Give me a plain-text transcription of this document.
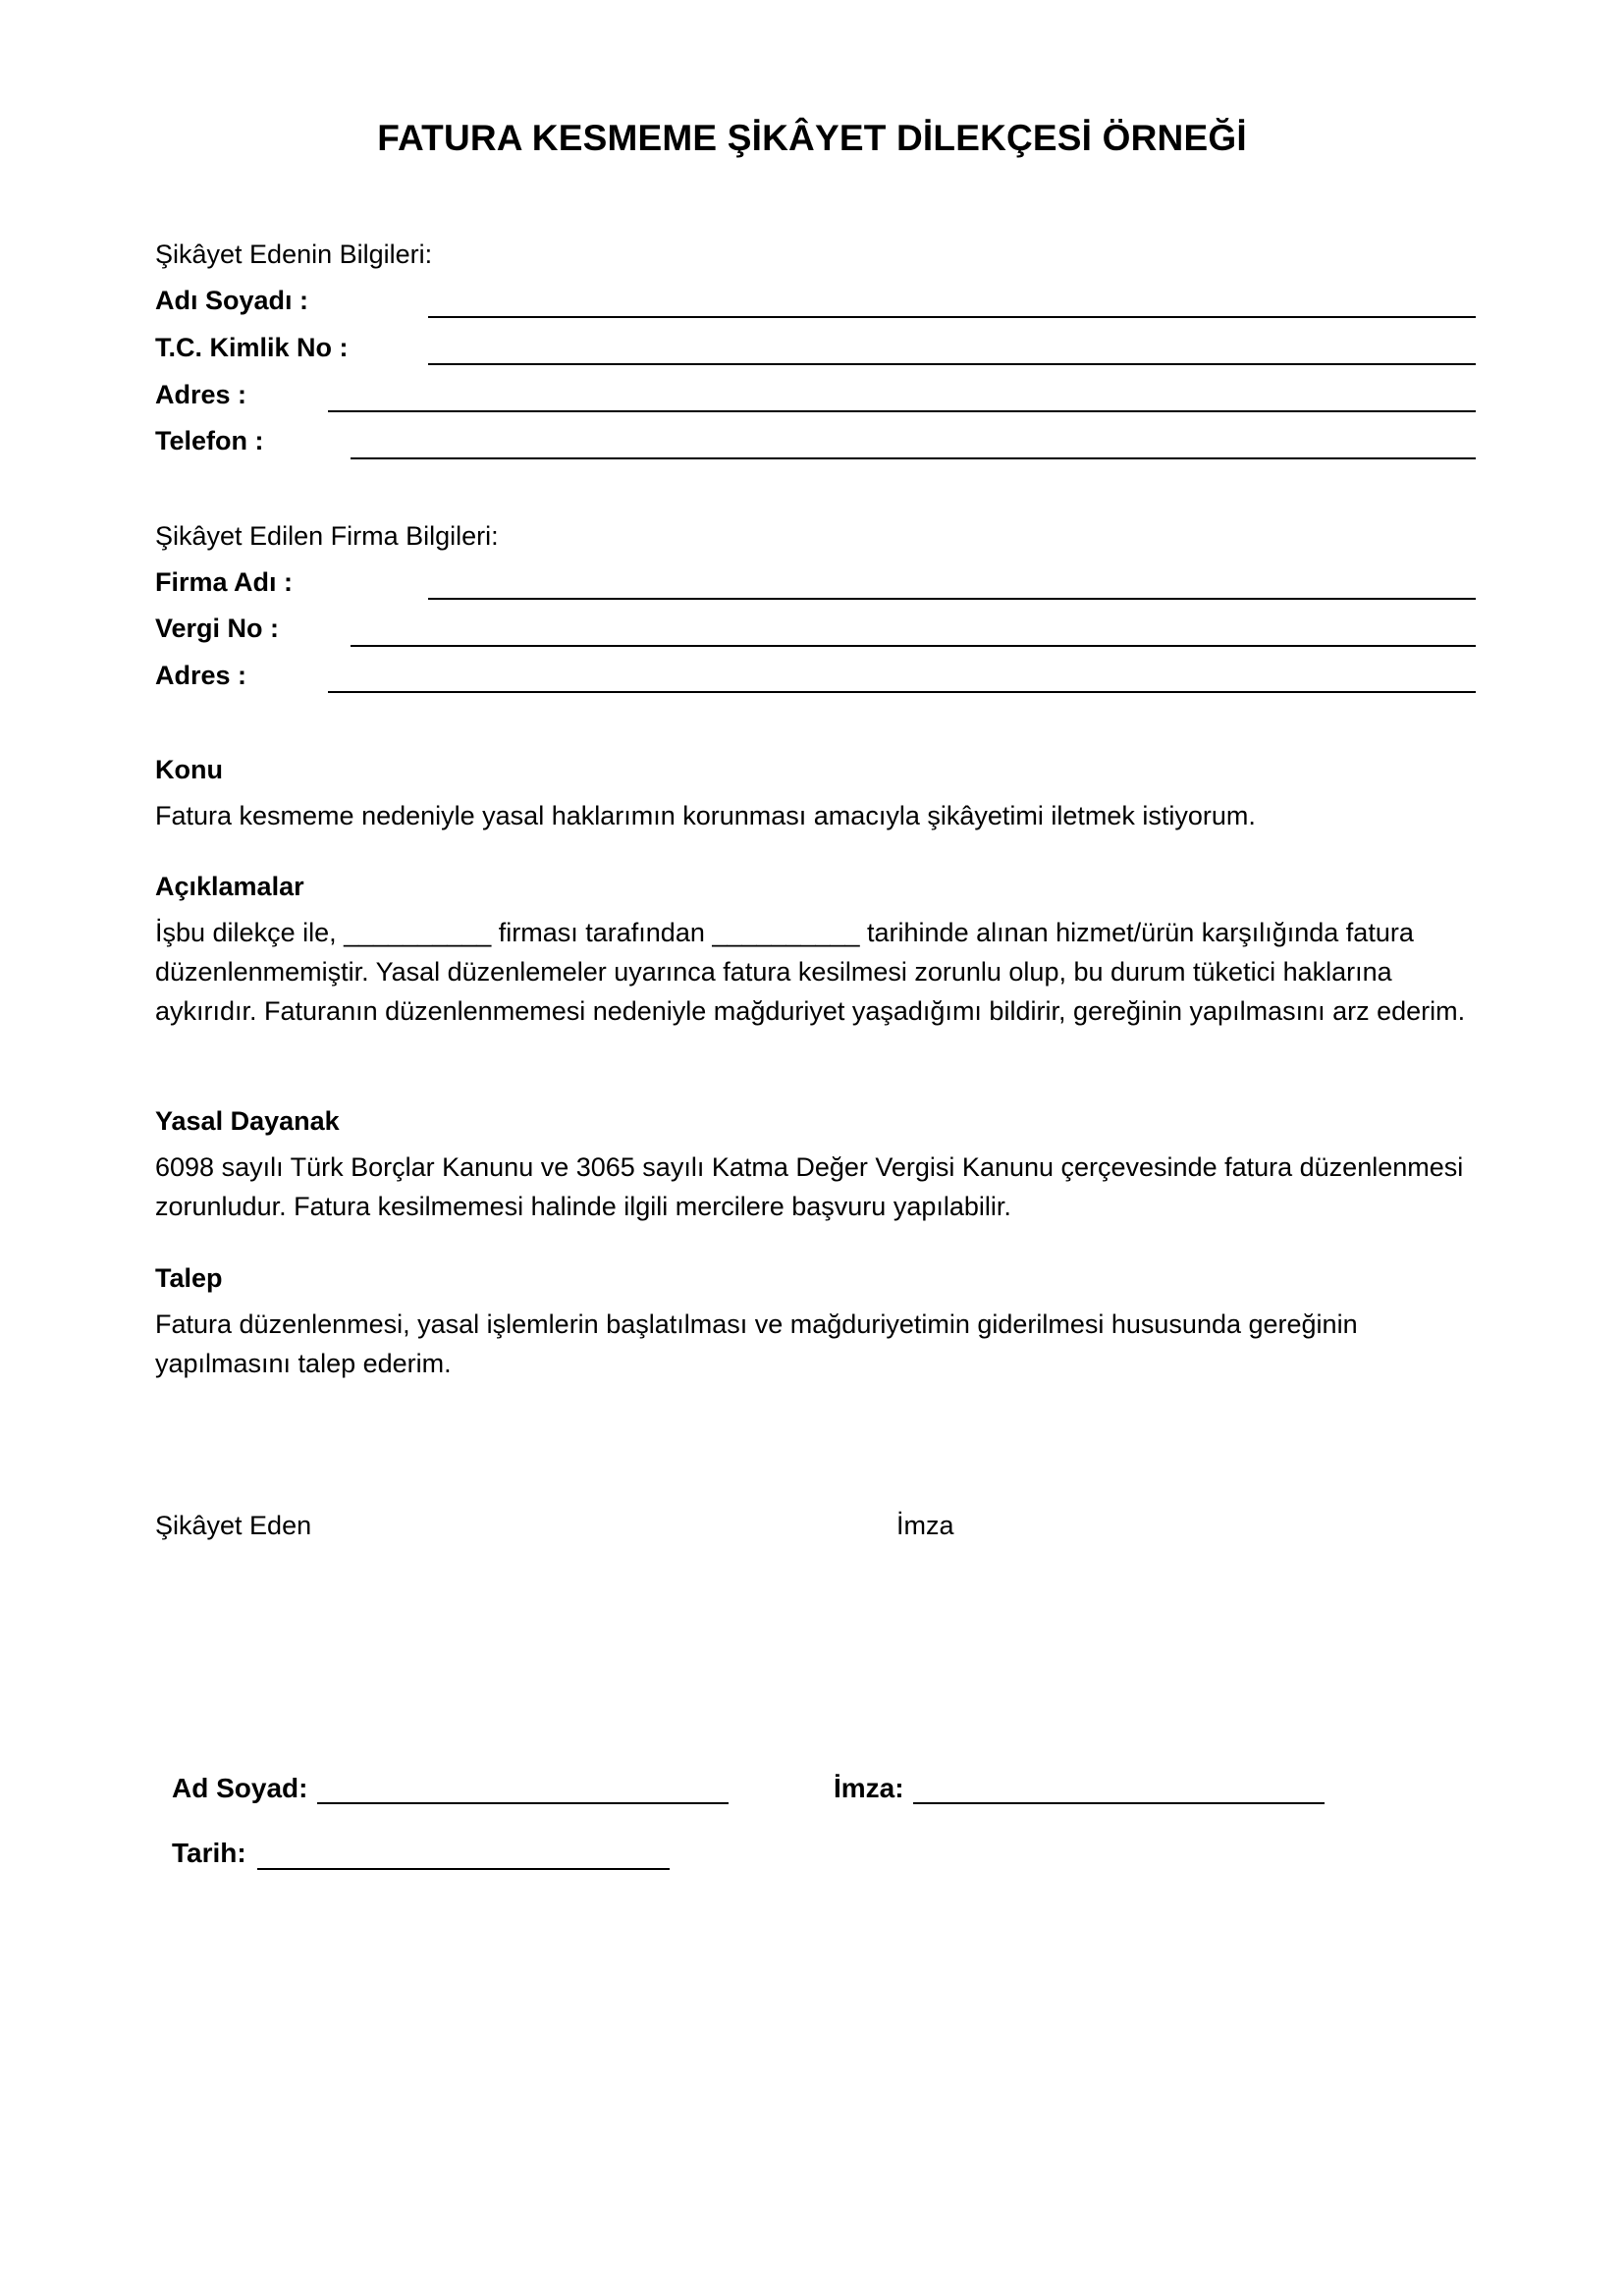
FATURA KESMEME ŞİKÂYET DİLEKÇESİ ÖRNEĞİ
Şikâyet Edenin Bilgileri:
Adı Soyadı :
T.C. Kimlik No :
Adres :
Telefon :
Şikâyet Edilen Firma Bilgileri:
Firma Adı :
Vergi No :
Adres :
Konu

Fatura kesmeme nedeniyle yasal haklarımın korunması amacıyla şikâyetimi iletmek istiyorum.

Açıklamalar

İşbu dilekçe ile, __________ firması tarafından __________ tarihinde alınan hizmet/ürün karşılığında fatura düzenlenmemiştir. Yasal düzenlemeler uyarınca fatura kesilmesi zorunlu olup, bu durum tüketici haklarına aykırıdır. Faturanın düzenlenmemesi nedeniyle mağduriyet yaşadığımı bildirir, gereğinin yapılmasını arz ederim.

Yasal Dayanak

6098 sayılı Türk Borçlar Kanunu ve 3065 sayılı Katma Değer Vergisi Kanunu çerçevesinde fatura düzenlenmesi zorunludur. Fatura kesilmemesi halinde ilgili mercilere başvuru yapılabilir.

Talep

Fatura düzenlenmesi, yasal işlemlerin başlatılması ve mağduriyetimin giderilmesi hususunda gereğinin yapılmasını talep ederim.

Şikâyet Eden	İmza
Ad Soyad:	İmza:
Tarih:
